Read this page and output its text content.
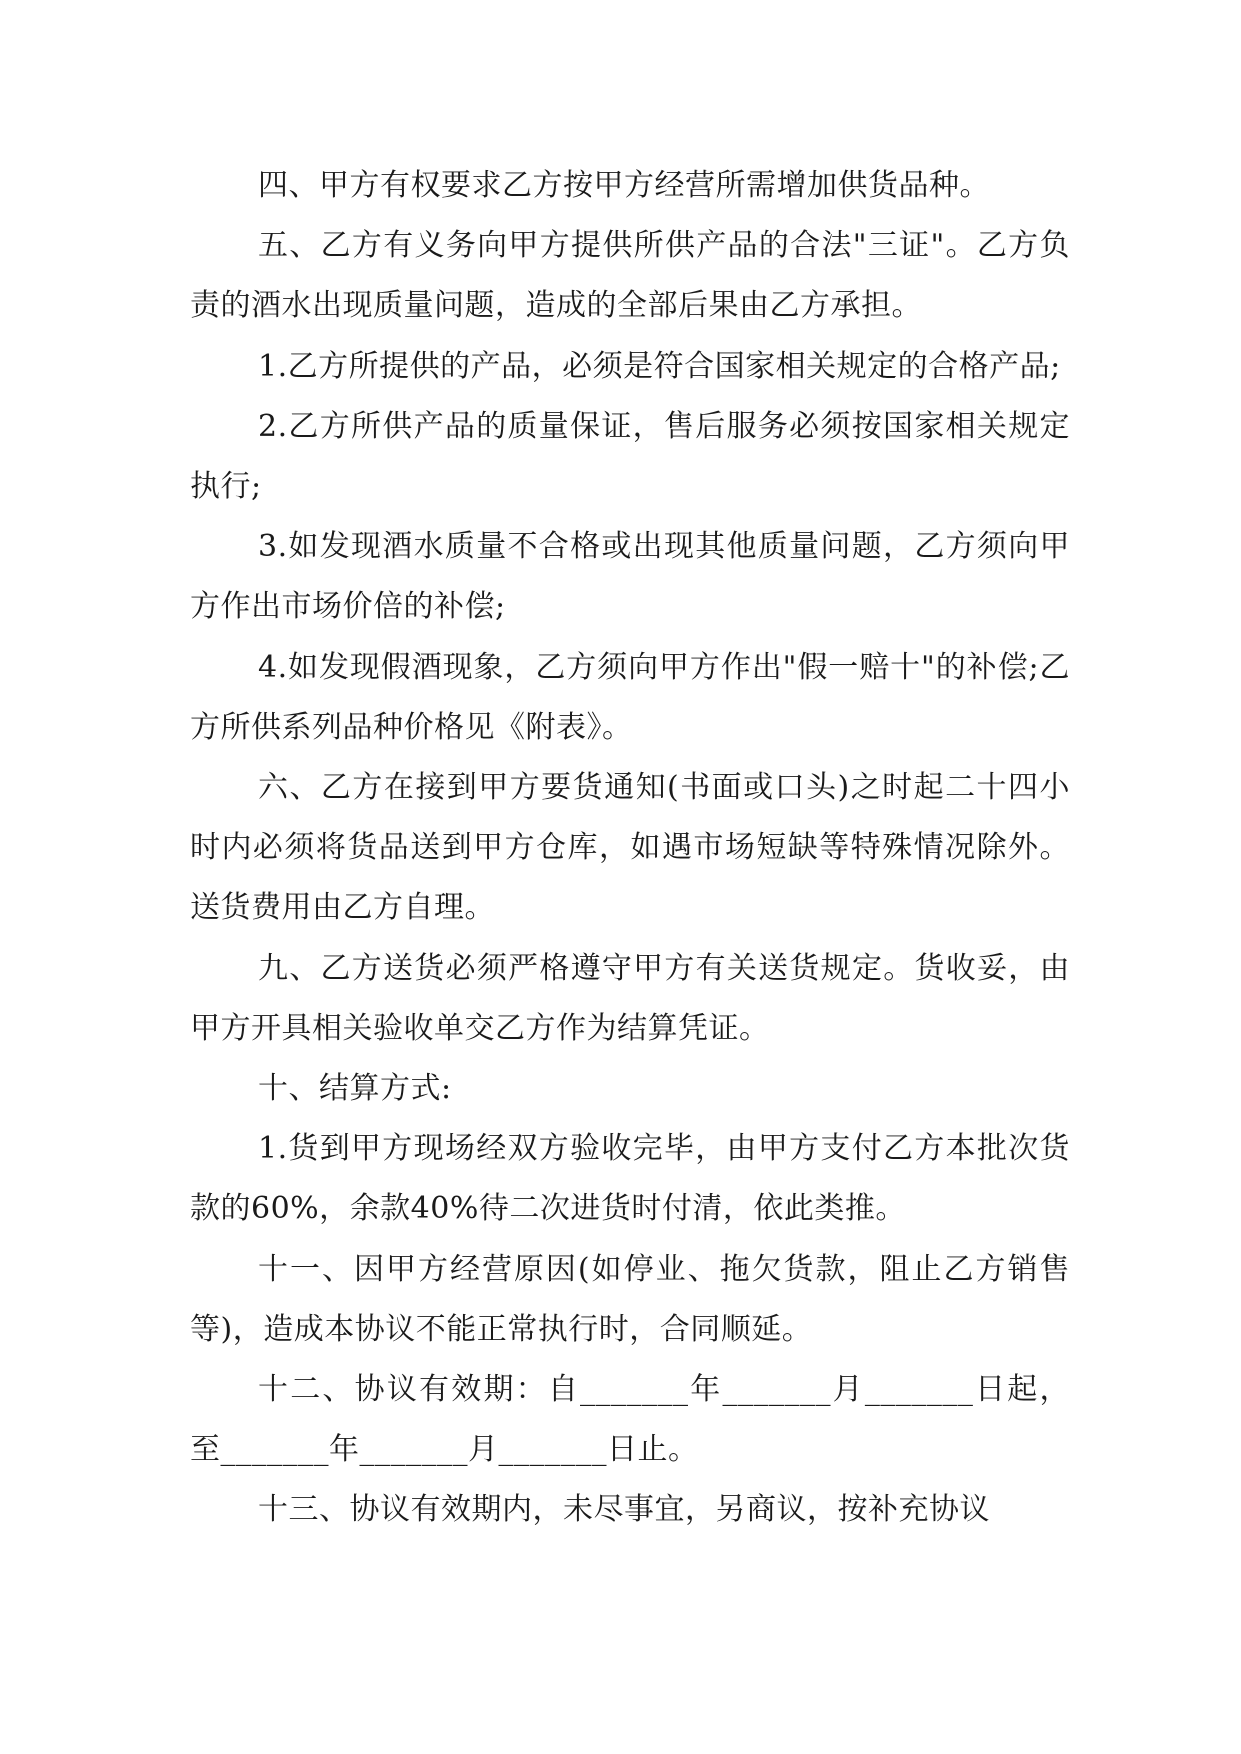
四、甲方有权要求乙方按甲方经营所需增加供货品种。

五、乙方有义务向甲方提供所供产品的合法"三证"。乙方负责的酒水出现质量问题，造成的全部后果由乙方承担。

1.乙方所提供的产品，必须是符合国家相关规定的合格产品;

2.乙方所供产品的质量保证，售后服务必须按国家相关规定执行;

3.如发现酒水质量不合格或出现其他质量问题，乙方须向甲方作出市场价倍的补偿;

4.如发现假酒现象，乙方须向甲方作出"假一赔十"的补偿;乙方所供系列品种价格见《附表》。

六、乙方在接到甲方要货通知(书面或口头)之时起二十四小时内必须将货品送到甲方仓库，如遇市场短缺等特殊情况除外。送货费用由乙方自理。

九、乙方送货必须严格遵守甲方有关送货规定。货收妥，由甲方开具相关验收单交乙方作为结算凭证。

十、结算方式:

1.货到甲方现场经双方验收完毕，由甲方支付乙方本批次货款的60%，余款40%待二次进货时付清，依此类推。

十一、因甲方经营原因(如停业、拖欠货款，阻止乙方销售等)，造成本协议不能正常执行时，合同顺延。

十二、协议有效期：自_______年_______月_______日起，至_______年_______月_______日止。

十三、协议有效期内，未尽事宜，另商议，按补充协议
